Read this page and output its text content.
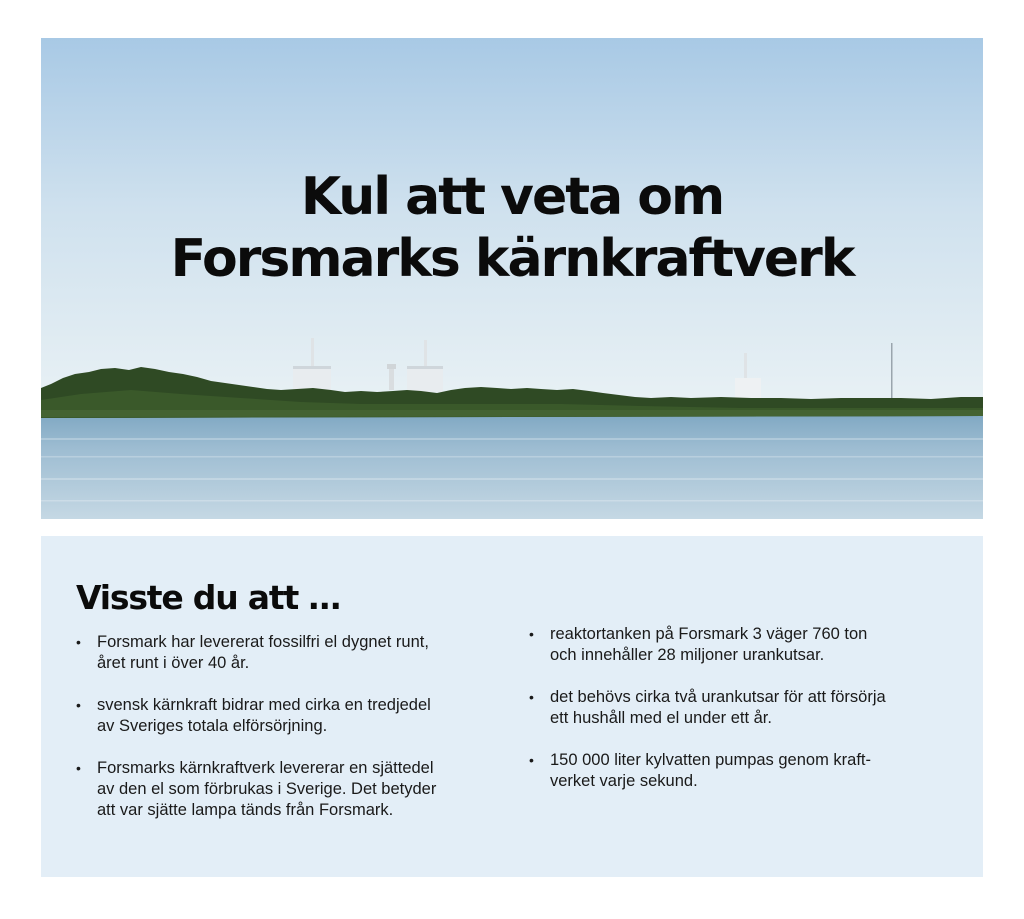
Kul att veta om
Forsmarks kärnkraftverk
Visste du att …
• Forsmark har levererat fossilfri el dygnet runt,
året runt i över 40 år.
• svensk kärnkraft bidrar med cirka en tredjedel
av Sveriges totala elförsörjning.
• Forsmarks kärnkraftverk levererar en sjättedel
av den el som förbrukas i Sverige. Det betyder
att var sjätte lampa tänds från Forsmark.
• reaktortanken på Forsmark 3 väger 760 ton
och innehåller 28 miljoner urankutsar.
• det behövs cirka två urankutsar för att försörja
ett hushåll med el under ett år.
• 150 000 liter kylvatten pumpas genom kraft-
verket varje sekund.
